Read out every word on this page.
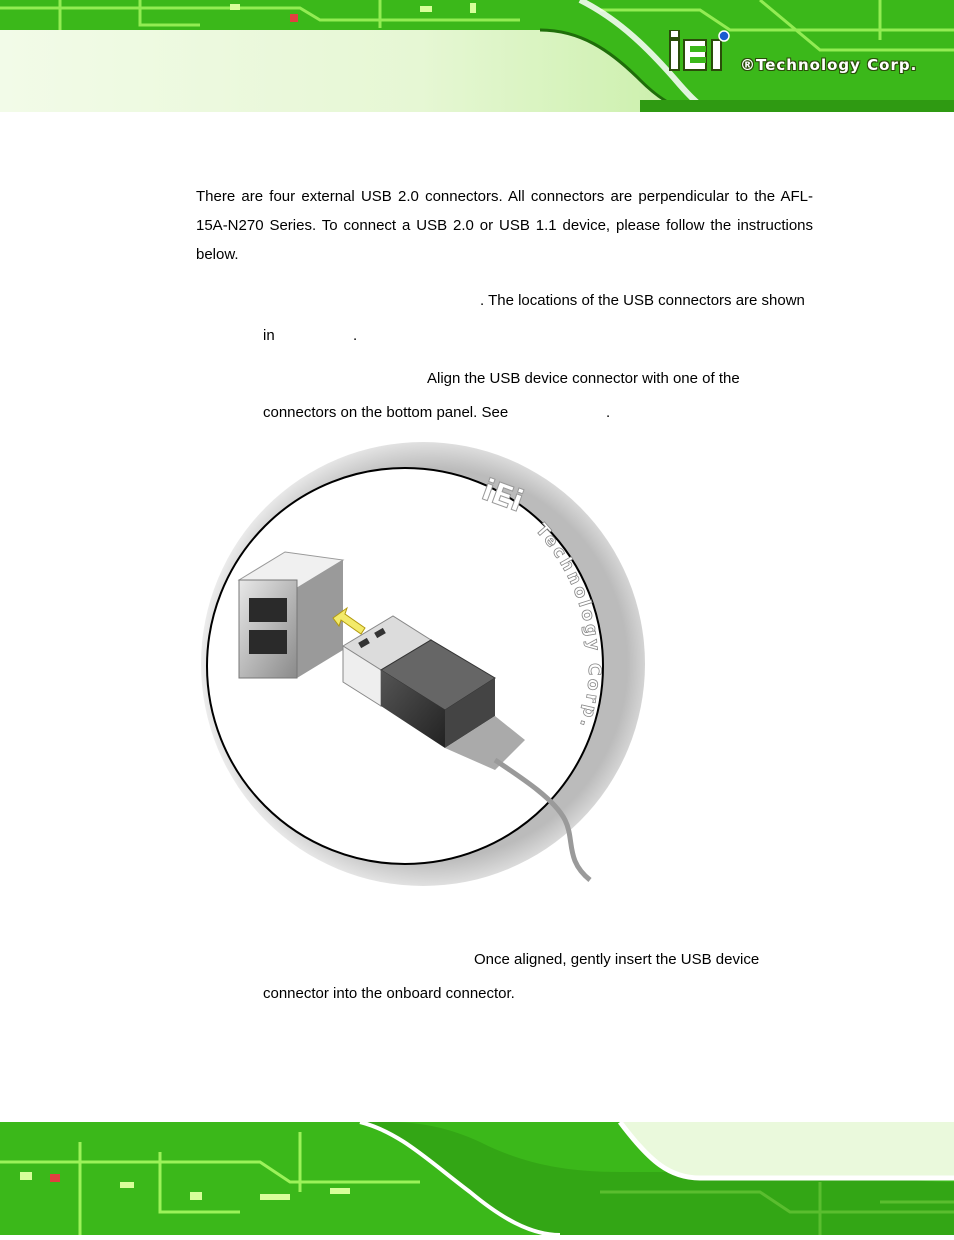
®Technology Corp.
There are four external USB 2.0 connectors. All connectors are perpendicular to the AFL-15A-N270 Series. To connect a USB 2.0 or USB 1.1 device, please follow the instructions below.
. The locations of the USB connectors are shown
in	.
Align the USB device connector with one of the
connectors on the bottom panel. See	.
iEi
Technology Corp.
Once aligned, gently insert the USB device
connector into the onboard connector.
